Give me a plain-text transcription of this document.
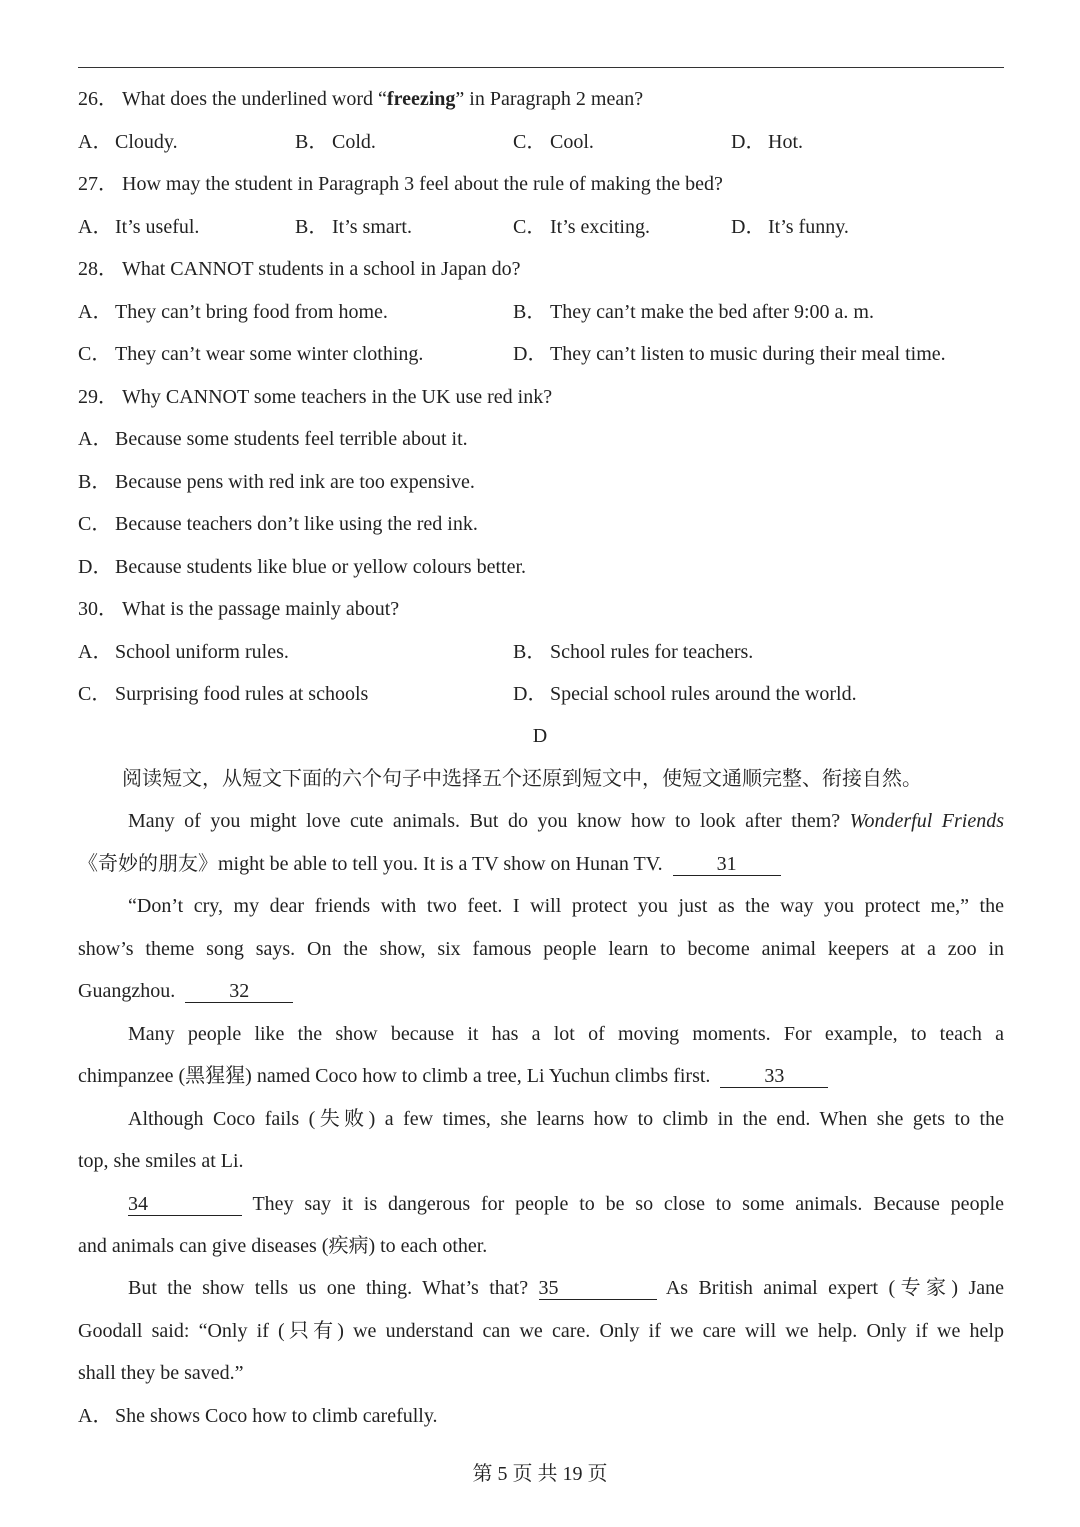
26． What does the underlined word “freezing” in Paragraph 2 mean?
A． Cloudy.	B． Cold.	C． Cool.	D． Hot.
27． How may the student in Paragraph 3 feel about the rule of making the bed?
A． It’s useful.	B． It’s smart.	C． It’s exciting.	D． It’s funny.
28． What CANNOT students in a school in Japan do?
A． They can’t bring food from home.	B． They can’t make the bed after 9:00 a. m.
C． They can’t wear some winter clothing.	D． They can’t listen to music during their meal time.
29． Why CANNOT some teachers in the UK use red ink?
A． Because some students feel terrible about it.
B． Because pens with red ink are too expensive.
C． Because teachers don’t like using the red ink.
D． Because students like blue or yellow colours better.
30． What is the passage mainly about?
A． School uniform rules.	B． School rules for teachers.
C． Surprising food rules at schools	D． Special school rules around the world.
D
阅读短文，从短文下面的六个句子中选择五个还原到短文中，使短文通顺完整、衔接自然。
Many of you might love cute animals. But do you know how to look after them? Wonderful Friends
《奇妙的朋友》might be able to tell you. It is a TV show on Hunan TV.	31
“Don’t cry, my dear friends with two feet. I will protect you just as the way you protect me,” the
show’s theme song says. On the show, six famous people learn to become animal keepers at a zoo in
Guangzhou.	32
Many people like the show because it has a lot of moving moments. For example, to teach a
chimpanzee (黑猩猩) named Coco how to climb a tree, Li Yuchun climbs first.	33
Although Coco fails (失败) a few times, she learns how to climb in the end. When she gets to the
top, she smiles at Li.
34	They say it is dangerous for people to be so close to some animals. Because people
and animals can give diseases (疾病) to each other.
But the show tells us one thing. What’s that? 35	As British animal expert (专家) Jane
Goodall said: “Only if (只有) we understand can we care. Only if we care will we help. Only if we help
shall they be saved.”
A． She shows Coco how to climb carefully.
第 5 页 共 19 页
